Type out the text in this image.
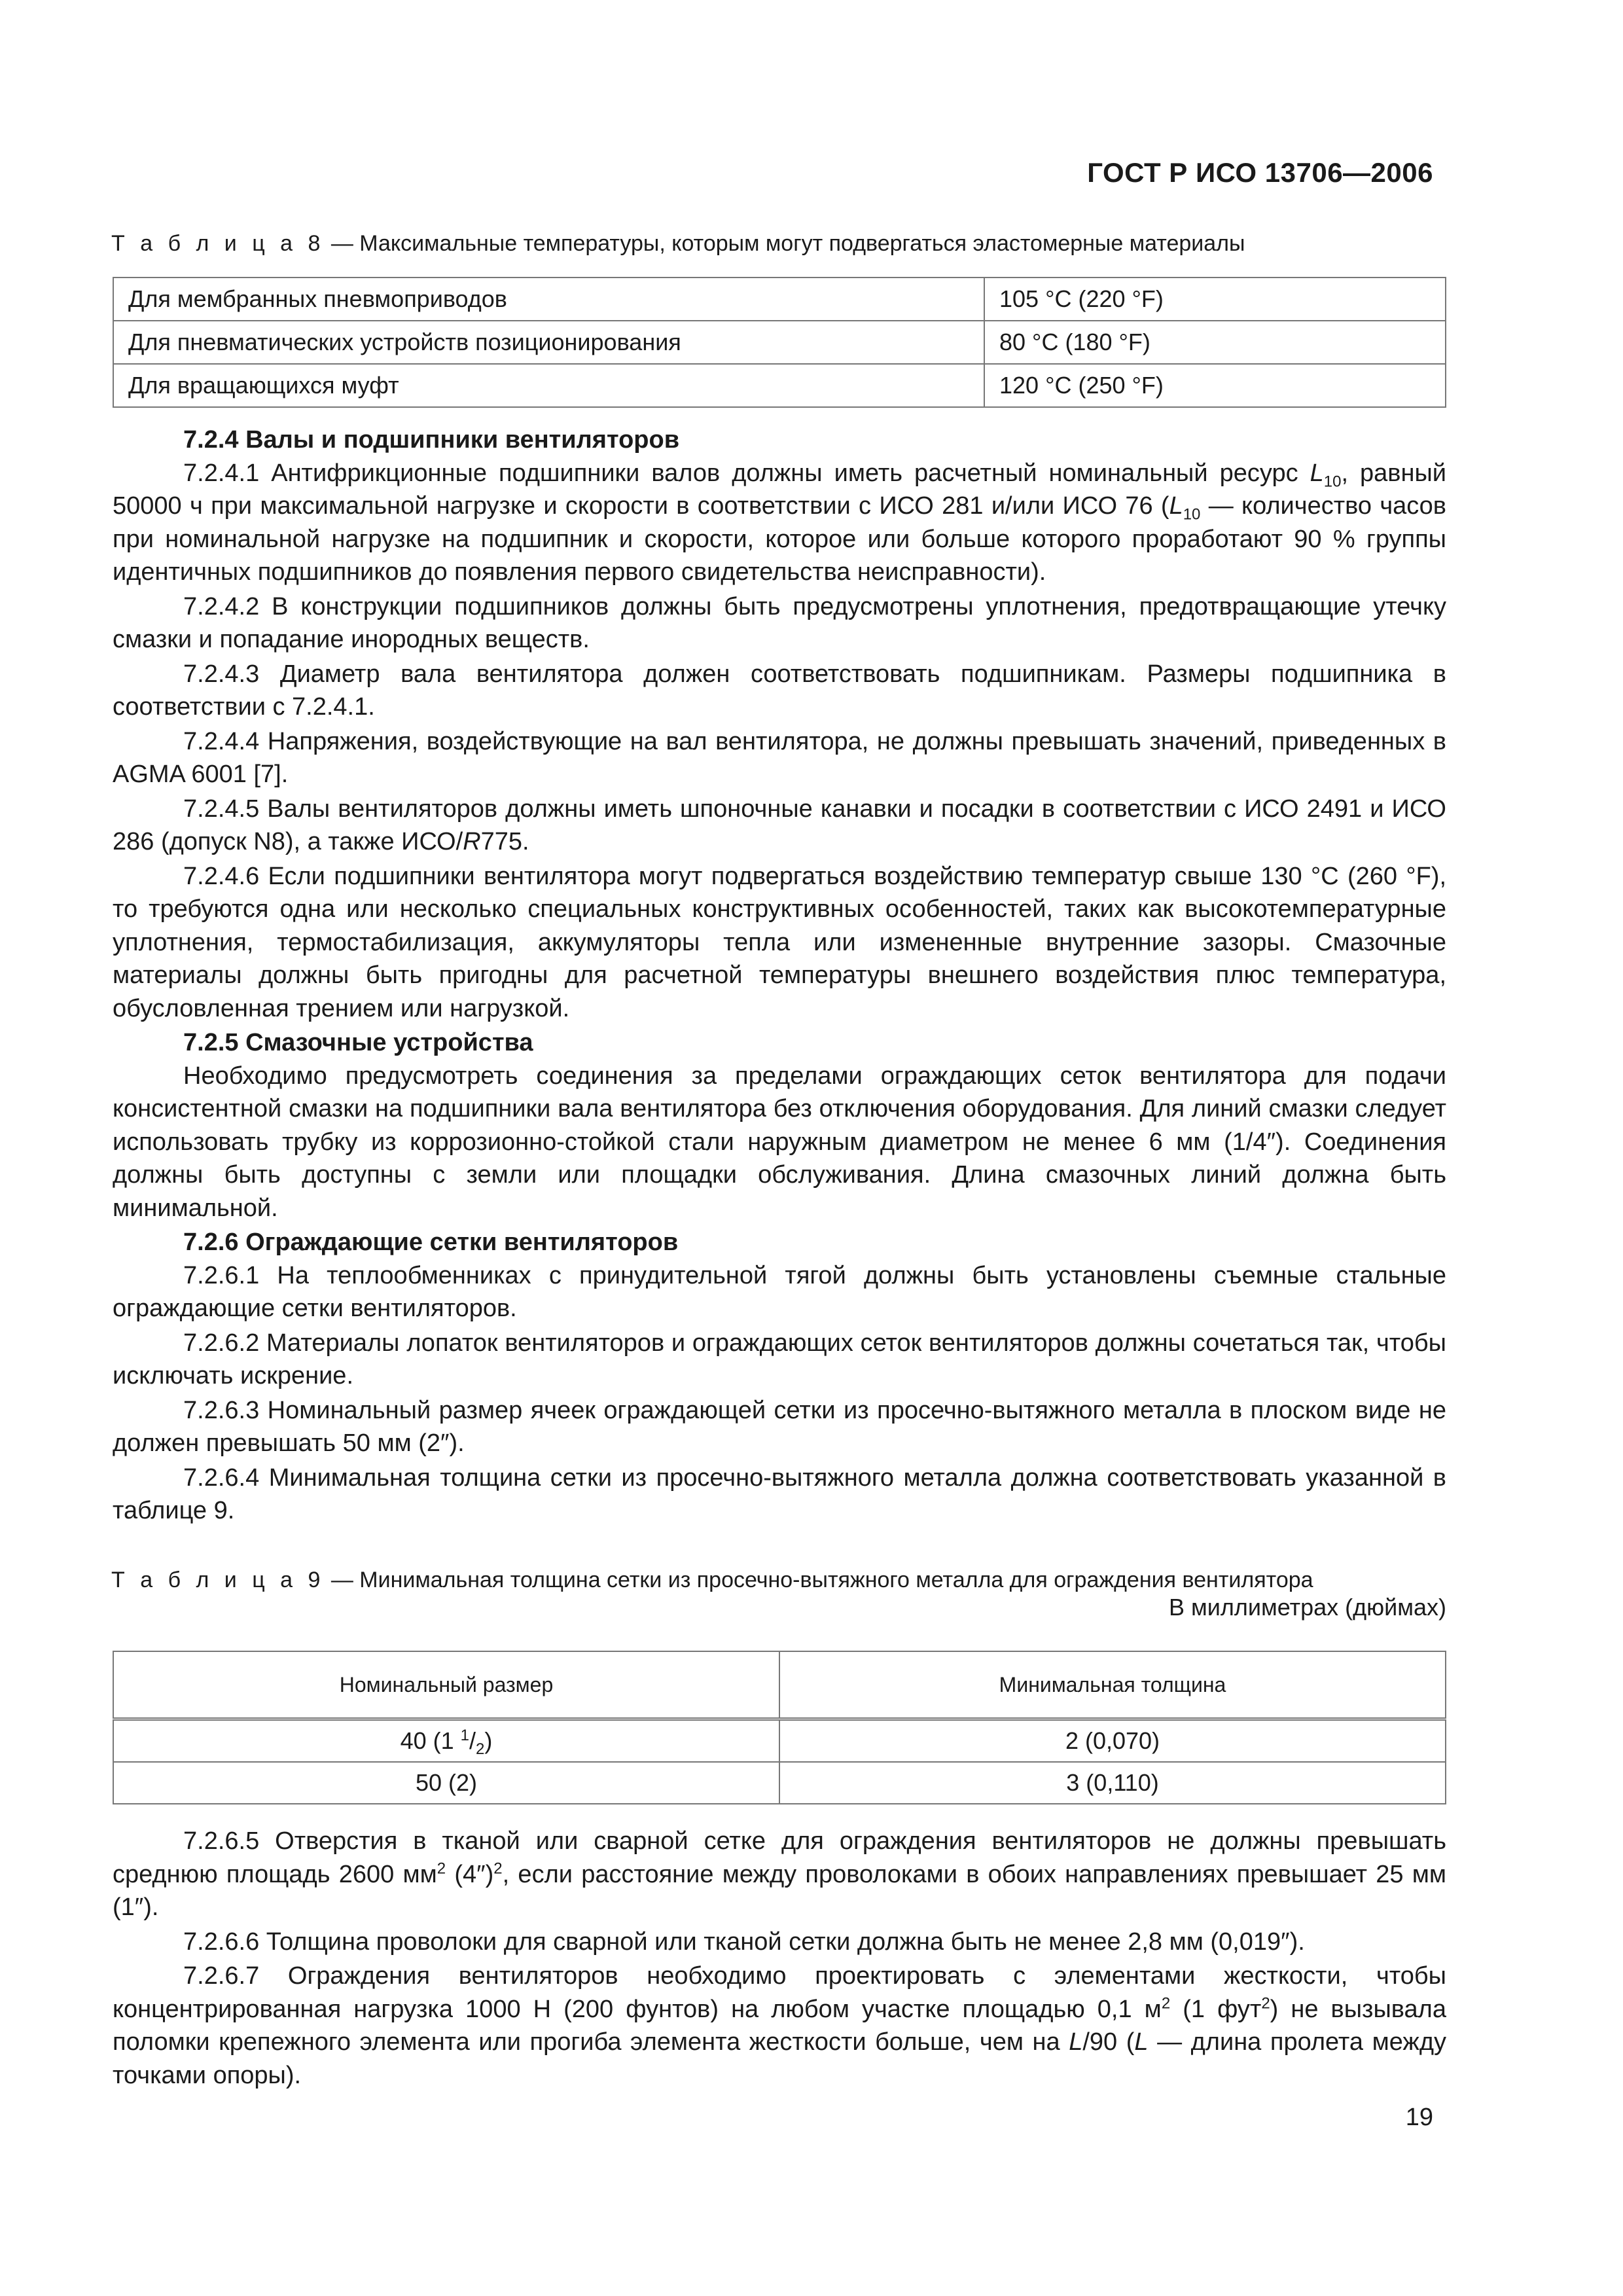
ГОСТ Р ИСО 13706—2006
Т а б л и ц а 8 — Максимальные температуры, которым могут подвергаться эластомерные материалы
Для мембранных пневмоприводов	105 °С (220 °F)
Для пневматических устройств позиционирования	80 °С (180 °F)
Для вращающихся муфт	120 °С (250 °F)
7.2.4 Валы и подшипники вентиляторов

7.2.4.1 Антифрикционные подшипники валов должны иметь расчетный номинальный ресурс $L_{10}$, равный 50000 ч при максимальной нагрузке и скорости в соответствии с ИСО 281 и/или ИСО 76 ($L_{10}$ — количество часов при номинальной нагрузке на подшипник и скорости, которое или больше которого проработают 90 % группы идентичных подшипников до появления первого свидетельства неисправности).

7.2.4.2 В конструкции подшипников должны быть предусмотрены уплотнения, предотвращающие утечку смазки и попадание инородных веществ.

7.2.4.3 Диаметр вала вентилятора должен соответствовать подшипникам. Размеры подшипника в соответствии с 7.2.4.1.

7.2.4.4 Напряжения, воздействующие на вал вентилятора, не должны превышать значений, приведенных в AGMA 6001 [7].

7.2.4.5 Валы вентиляторов должны иметь шпоночные канавки и посадки в соответствии с ИСО 2491 и ИСО 286 (допуск N8), а также ИСО/R775.

7.2.4.6 Если подшипники вентилятора могут подвергаться воздействию температур свыше 130 °С (260 °F), то требуются одна или несколько специальных конструктивных особенностей, таких как высокотемпературные уплотнения, термостабилизация, аккумуляторы тепла или измененные внутренние зазоры. Смазочные материалы должны быть пригодны для расчетной температуры внешнего воздействия плюс температура, обусловленная трением или нагрузкой.

7.2.5 Смазочные устройства

Необходимо предусмотреть соединения за пределами ограждающих сеток вентилятора для подачи консистентной смазки на подшипники вала вентилятора без отключения оборудования. Для линий смазки следует использовать трубку из коррозионно-стойкой стали наружным диаметром не менее 6 мм (1/4″). Соединения должны быть доступны с земли или площадки обслуживания. Длина смазочных линий должна быть минимальной.

7.2.6 Ограждающие сетки вентиляторов

7.2.6.1 На теплообменниках с принудительной тягой должны быть установлены съемные стальные ограждающие сетки вентиляторов.

7.2.6.2 Материалы лопаток вентиляторов и ограждающих сеток вентиляторов должны сочетаться так, чтобы исключать искрение.

7.2.6.3 Номинальный размер ячеек ограждающей сетки из просечно-вытяжного металла в плоском виде не должен превышать 50 мм (2″).

7.2.6.4 Минимальная толщина сетки из просечно-вытяжного металла должна соответствовать указанной в таблице 9.

Т а б л и ц а 9 — Минимальная толщина сетки из просечно-вытяжного металла для ограждения вентилятора
В миллиметрах (дюймах)
Номинальный размер	Минимальная толщина
40 (1 $^1/_2$)	2 (0,070)
50 (2)	3 (0,110)

7.2.6.5 Отверстия в тканой или сварной сетке для ограждения вентиляторов не должны превышать среднюю площадь 2600 $мм^2$ $(4'')^2$, если расстояние между проволоками в обоих направлениях превышает 25 мм (1″).

7.2.6.6 Толщина проволоки для сварной или тканой сетки должна быть не менее 2,8 мм (0,019″).

7.2.6.7 Ограждения вентиляторов необходимо проектировать с элементами жесткости, чтобы концентрированная нагрузка 1000 Н (200 фунтов) на любом участке площадью 0,1 $м^2$ (1 фут$^2$) не вызывала поломки крепежного элемента или прогиба элемента жесткости больше, чем на L/90 (L — длина пролета между точками опоры).

19
